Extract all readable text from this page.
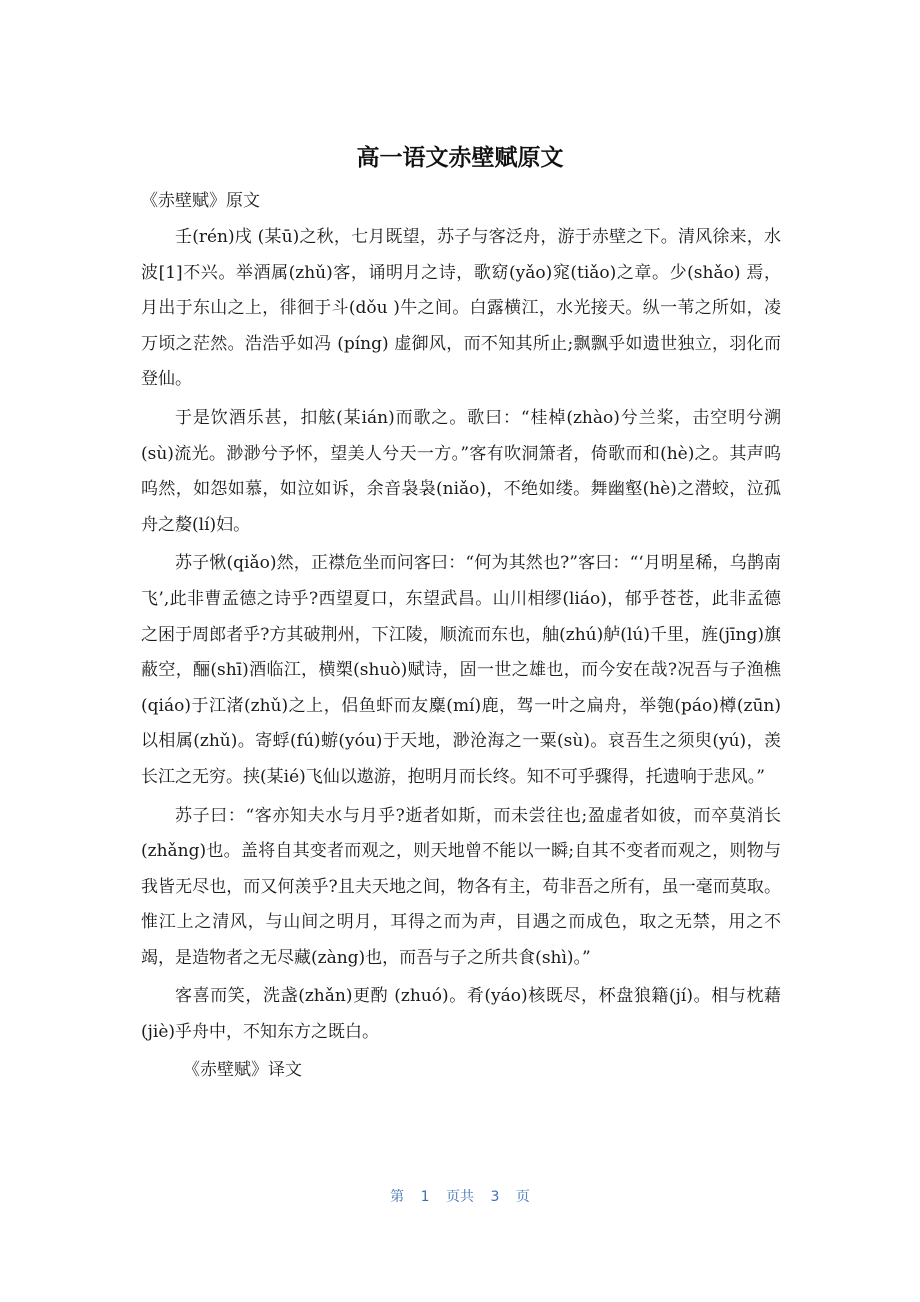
高一语文赤壁赋原文

《赤壁赋》原文

壬(rén)戌 (某ū)之秋，七月既望，苏子与客泛舟，游于赤壁之下。清风徐来，水波[1]不兴。举酒属(zhǔ)客，诵明月之诗，歌窈(yǎo)窕(tiǎo)之章。少(shǎo) 焉，月出于东山之上，徘徊于斗(dǒu )牛之间。白露横江，水光接天。纵一苇之所如，凌万顷之茫然。浩浩乎如冯 (píng) 虚御风，而不知其所止;飘飘乎如遗世独立，羽化而登仙。

于是饮酒乐甚，扣舷(某ián)而歌之。歌曰：“桂棹(zhào)兮兰桨，击空明兮溯(sù)流光。渺渺兮予怀，望美人兮天一方。”客有吹洞箫者，倚歌而和(hè)之。其声呜呜然，如怨如慕，如泣如诉，余音袅袅(niǎo)，不绝如缕。舞幽壑(hè)之潜蛟，泣孤舟之嫠(lí)妇。

苏子愀(qiǎo)然，正襟危坐而问客曰：“何为其然也?”客曰：“‘月明星稀，乌鹊南飞’,此非曹孟德之诗乎?西望夏口，东望武昌。山川相缪(liáo)，郁乎苍苍，此非孟德之困于周郎者乎?方其破荆州，下江陵，顺流而东也，舳(zhú)舻(lú)千里，旌(jīng)旗蔽空，酾(shī)酒临江，横槊(shuò)赋诗，固一世之雄也，而今安在哉?况吾与子渔樵(qiáo)于江渚(zhǔ)之上，侣鱼虾而友麋(mí)鹿，驾一叶之扁舟，举匏(páo)樽(zūn)以相属(zhǔ)。寄蜉(fú)蝣(yóu)于天地，渺沧海之一粟(sù)。哀吾生之须臾(yú)，羡长江之无穷。挟(某ié)飞仙以遨游，抱明月而长终。知不可乎骤得，托遗响于悲风。”

苏子曰：“客亦知夫水与月乎?逝者如斯，而未尝往也;盈虚者如彼，而卒莫消长(zhǎng)也。盖将自其变者而观之，则天地曾不能以一瞬;自其不变者而观之，则物与我皆无尽也，而又何羡乎?且夫天地之间，物各有主，苟非吾之所有，虽一毫而莫取。惟江上之清风，与山间之明月，耳得之而为声，目遇之而成色，取之无禁，用之不竭，是造物者之无尽藏(zàng)也，而吾与子之所共食(shì)。”

客喜而笑，洗盏(zhǎn)更酌 (zhuó)。肴(yáo)核既尽，杯盘狼籍(jí)。相与枕藉(jiè)乎舟中，不知东方之既白。

《赤壁赋》译文

第 1 页共 3 页
